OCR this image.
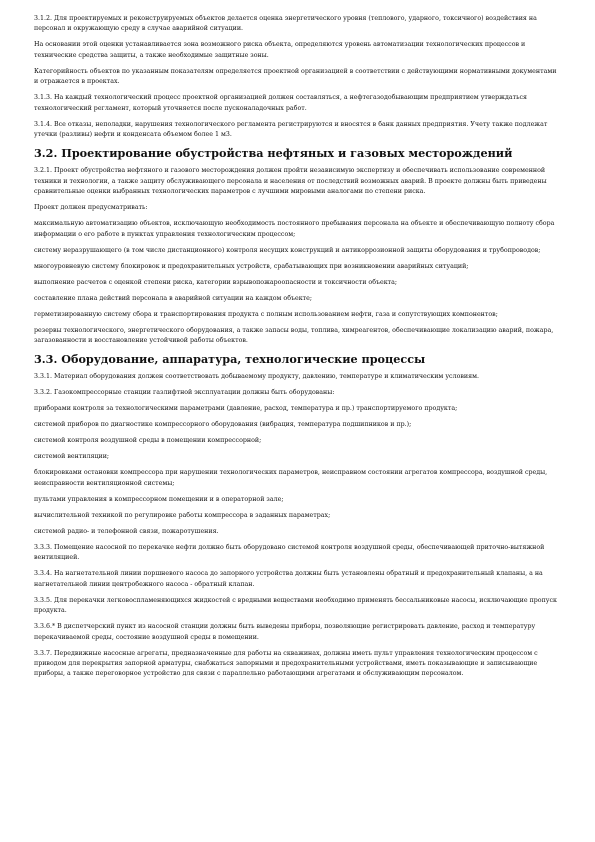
3.1.2. Для проектируемых и реконструируемых объектов делается оценка энергетического уровня (теплового, ударного, токсичного) воздействия на персонал и окружающую среду в случае аварийной ситуации.

На основании этой оценки устанавливается зона возможного риска объекта, определяются уровень автоматизации технологических процессов и технические средства защиты, а также необходимые защитные зоны.

Категорийность объектов по указанным показателям определяется проектной организацией в соответствии с действующими нормативными документами и отражается в проектах.

3.1.3. На каждый технологический процесс проектной организацией должен составляться, а нефтегазодобывающим предприятием утверждаться технологический регламент, который уточняется после пусконаладочных работ.

3.1.4. Все отказы, неполадки, нарушения технологического регламента регистрируются и вносятся в банк данных предприятия. Учету также подлежат утечки (разливы) нефти и конденсата объемом более 1 м3.

3.2. Проектирование обустройства нефтяных и газовых месторождений

3.2.1. Проект обустройства нефтяного и газового месторождения должен пройти независимую экспертизу и обеспечивать использование современной техники и технологии, а также защиту обслуживающего персонала и населения от последствий возможных аварий. В проекте должны быть приведены сравнительные оценки выбранных технологических параметров с лучшими мировыми аналогами по степени риска.

Проект должен предусматривать:

максимальную автоматизацию объектов, исключающую необходимость постоянного пребывания персонала на объекте и обеспечивающую полноту сбора информации о его работе в пунктах управления технологическим процессом;

систему неразрушающего (в том числе дистанционного) контроля несущих конструкций и антикоррозионной защиты оборудования и трубопроводов;

многоуровневую систему блокировок и предохранительных устройств, срабатывающих при возникновении аварийных ситуаций;

выполнение расчетов с оценкой степени риска, категории взрывопожароопасности и токсичности объекта;

составление плана действий персонала в аварийной ситуации на каждом объекте;

герметизированную систему сбора и транспортирования продукта с полным использованием нефти, газа и сопутствующих компонентов;

резервы технологического, энергетического оборудования, а также запасы воды, топлива, химреагентов, обеспечивающие локализацию аварий, пожара, загазованности и восстановление устойчивой работы объектов.

3.3. Оборудование, аппаратура, технологические процессы

3.3.1. Материал оборудования должен соответствовать добываемому продукту, давлению, температуре и климатическим условиям.

3.3.2. Газокомпрессорные станции газлифтной эксплуатации должны быть оборудованы:

приборами контроля за технологическими параметрами (давление, расход, температура и пр.) транспортируемого продукта;

системой приборов по диагностике компрессорного оборудования (вибрация, температура подшипников и пр.);

системой контроля воздушной среды в помещении компрессорной;

системой вентиляции;

блокировками остановки компрессора при нарушении технологических параметров, неисправном состоянии агрегатов компрессора, воздушной среды, неисправности вентиляционной системы;

пультами управления в компрессорном помещении и в операторной зале;

вычислительной техникой по регулировке работы компрессора в заданных параметрах;

системой радио- и телефонной связи, пожаротушения.

3.3.3. Помещение насосной по перекачке нефти должно быть оборудовано системой контроля воздушной среды, обеспечивающей приточно-вытяжной вентиляцией.

3.3.4. На нагнетательной линии поршневого насоса до запорного устройства должны быть установлены обратный и предохранительный клапаны, а на нагнетательной линии центробежного насоса - обратный клапан.

3.3.5. Для перекачки легковоспламеняющихся жидкостей с вредными веществами необходимо применять бессальниковые насосы, исключающие пропуск продукта.

3.3.6.* В диспетчерский пункт из насосной станции должны быть выведены приборы, позволяющие регистрировать давление, расход и температуру перекачиваемой среды, состояние воздушной среды в помещении.

3.3.7. Передвижные насосные агрегаты, предназначенные для работы на скважинах, должны иметь пульт управления технологическим процессом с приводом для перекрытия запорной арматуры, снабжаться запорными и предохранительными устройствами, иметь показывающие и записывающие приборы, а также переговорное устройство для связи с параллельно работающими агрегатами и обслуживающим персоналом.
